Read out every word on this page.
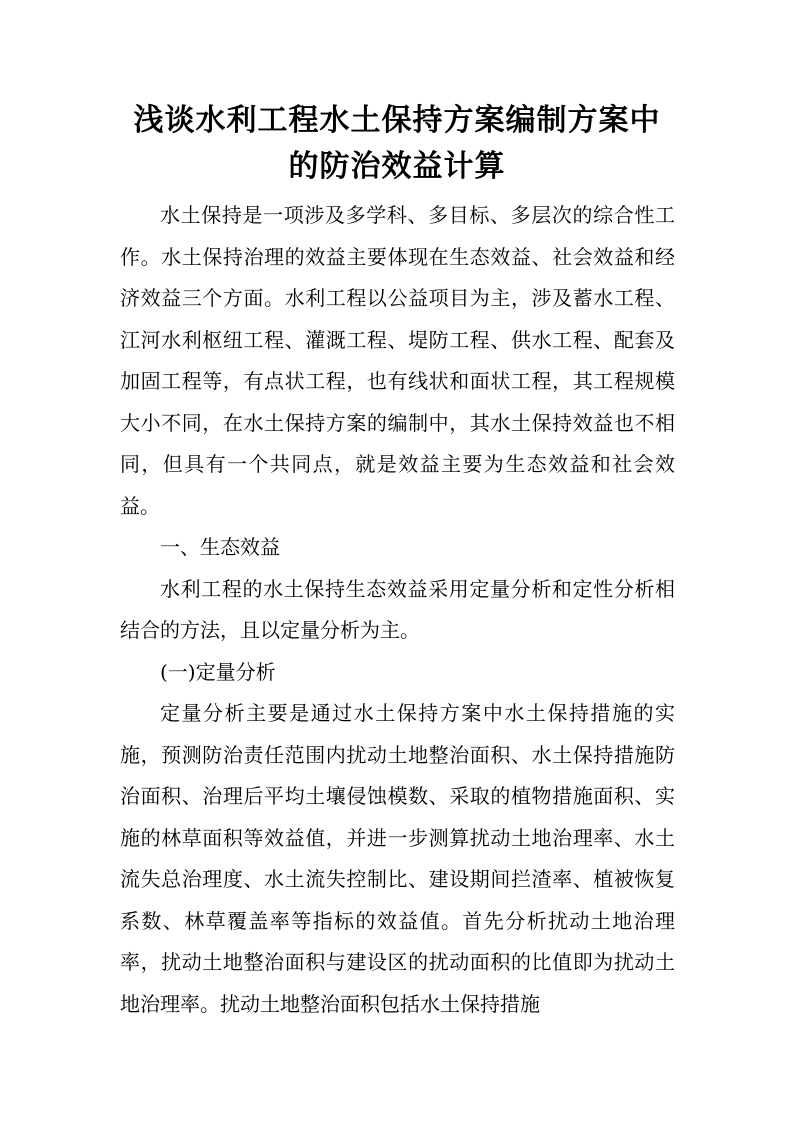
浅谈水利工程水土保持方案编制方案中
的防治效益计算

水土保持是一项涉及多学科、多目标、多层次的综合性工作。水土保持治理的效益主要体现在生态效益、社会效益和经济效益三个方面。水利工程以公益项目为主，涉及蓄水工程、江河水利枢纽工程、灌溉工程、堤防工程、供水工程、配套及加固工程等，有点状工程，也有线状和面状工程，其工程规模大小不同，在水土保持方案的编制中，其水土保持效益也不相同，但具有一个共同点，就是效益主要为生态效益和社会效益。

一、生态效益

水利工程的水土保持生态效益采用定量分析和定性分析相结合的方法，且以定量分析为主。

(一)定量分析

定量分析主要是通过水土保持方案中水土保持措施的实施，预测防治责任范围内扰动土地整治面积、水土保持措施防治面积、治理后平均土壤侵蚀模数、采取的植物措施面积、实施的林草面积等效益值，并进一步测算扰动土地治理率、水土流失总治理度、水土流失控制比、建设期间拦渣率、植被恢复系数、林草覆盖率等指标的效益值。首先分析扰动土地治理率，扰动土地整治面积与建设区的扰动面积的比值即为扰动土地治理率。扰动土地整治面积包括水土保持措施
